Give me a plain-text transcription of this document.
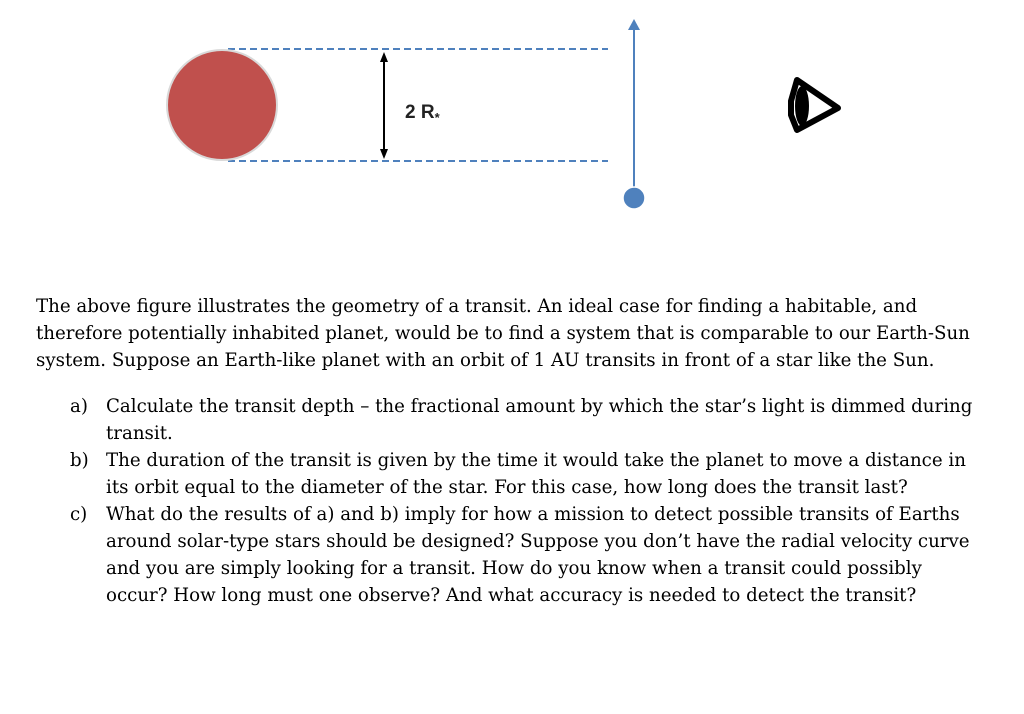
2 $R_*$

The above figure illustrates the geometry of a transit. An ideal case for finding a habitable, and therefore potentially inhabited planet, would be to find a system that is comparable to our Earth-Sun system. Suppose an Earth-like planet with an orbit of 1 AU transits in front of a star like the Sun.

a) Calculate the transit depth – the fractional amount by which the star’s light is dimmed during transit.
b) The duration of the transit is given by the time it would take the planet to move a distance in its orbit equal to the diameter of the star. For this case, how long does the transit last?
c) What do the results of a) and b) imply for how a mission to detect possible transits of Earths around solar-type stars should be designed? Suppose you don’t have the radial velocity curve and you are simply looking for a transit. How do you know when a transit could possibly occur? How long must one observe? And what accuracy is needed to detect the transit?
